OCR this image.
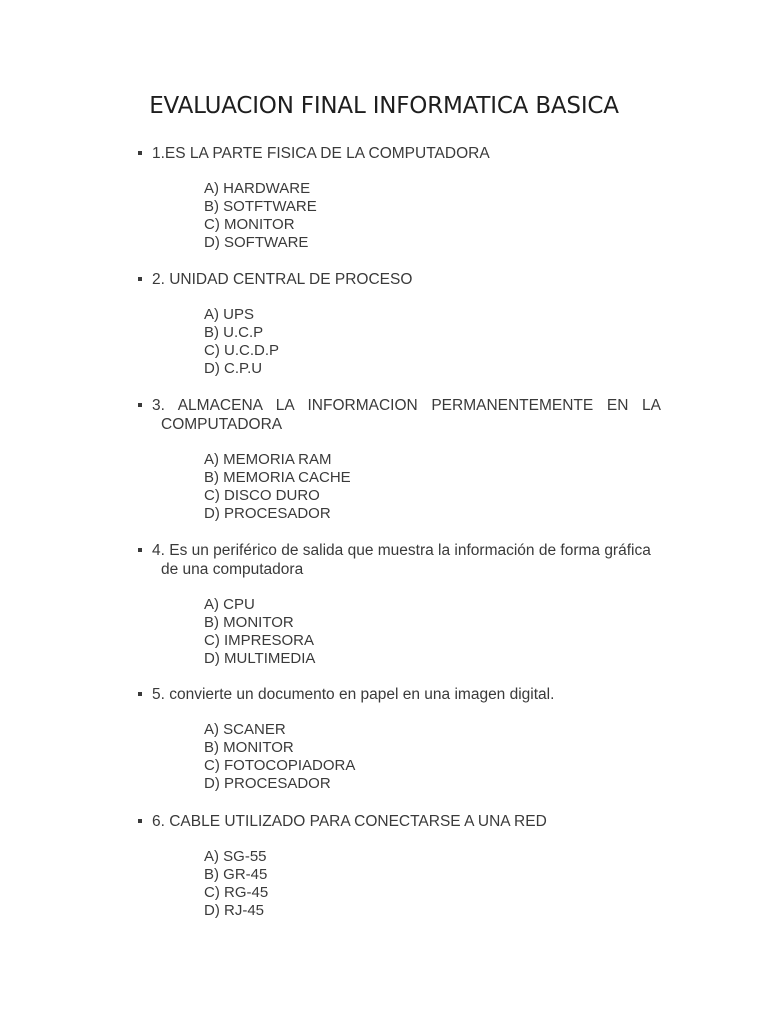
EVALUACION FINAL INFORMATICA BASICA
1.ES LA PARTE FISICA DE LA COMPUTADORA
A) HARDWARE
B) SOTFTWARE
C) MONITOR
D) SOFTWARE
2. UNIDAD CENTRAL DE PROCESO
A) UPS
B) U.C.P
C) U.C.D.P
D) C.P.U
3. ALMACENA LA INFORMACION PERMANENTEMENTE EN LA
COMPUTADORA
A) MEMORIA RAM
B) MEMORIA CACHE
C) DISCO DURO
D) PROCESADOR
4. Es un periférico de salida que muestra la información de forma gráfica
de una computadora
A) CPU
B) MONITOR
C) IMPRESORA
D) MULTIMEDIA
5. convierte un documento en papel en una imagen digital.
A) SCANER
B) MONITOR
C) FOTOCOPIADORA
D) PROCESADOR
6. CABLE UTILIZADO PARA CONECTARSE A UNA RED
A) SG-55
B) GR-45
C) RG-45
D) RJ-45
